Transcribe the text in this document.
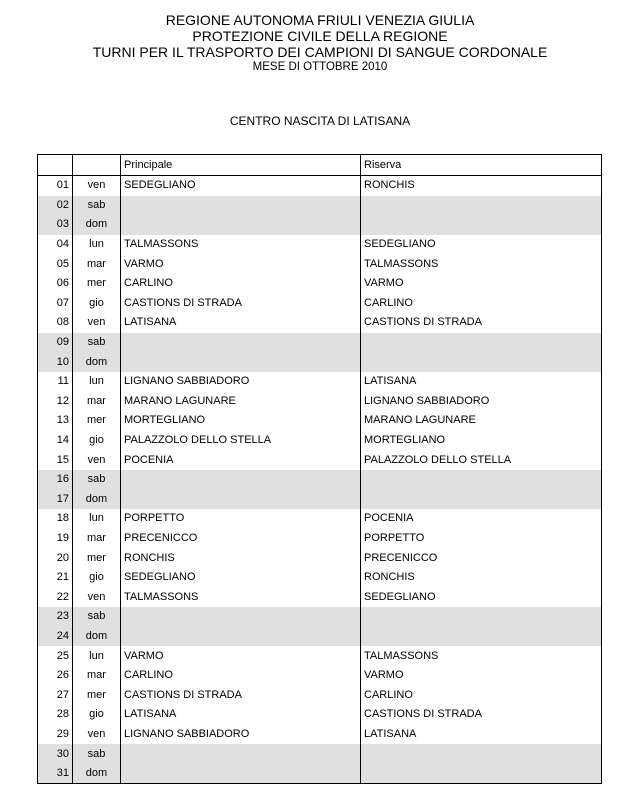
REGIONE AUTONOMA FRIULI VENEZIA GIULIA
PROTEZIONE CIVILE DELLA REGIONE
TURNI PER IL TRASPORTO DEI CAMPIONI DI SANGUE CORDONALE
MESE DI OTTOBRE 2010
CENTRO NASCITA DI LATISANA
		Principale	Riserva
01	ven	SEDEGLIANO	RONCHIS
02	sab		
03	dom		
04	lun	TALMASSONS	SEDEGLIANO
05	mar	VARMO	TALMASSONS
06	mer	CARLINO	VARMO
07	gio	CASTIONS DI STRADA	CARLINO
08	ven	LATISANA	CASTIONS DI STRADA
09	sab		
10	dom		
11	lun	LIGNANO SABBIADORO	LATISANA
12	mar	MARANO LAGUNARE	LIGNANO SABBIADORO
13	mer	MORTEGLIANO	MARANO LAGUNARE
14	gio	PALAZZOLO DELLO STELLA	MORTEGLIANO
15	ven	POCENIA	PALAZZOLO DELLO STELLA
16	sab		
17	dom		
18	lun	PORPETTO	POCENIA
19	mar	PRECENICCO	PORPETTO
20	mer	RONCHIS	PRECENICCO
21	gio	SEDEGLIANO	RONCHIS
22	ven	TALMASSONS	SEDEGLIANO
23	sab		
24	dom		
25	lun	VARMO	TALMASSONS
26	mar	CARLINO	VARMO
27	mer	CASTIONS DI STRADA	CARLINO
28	gio	LATISANA	CASTIONS DI STRADA
29	ven	LIGNANO SABBIADORO	LATISANA
30	sab		
31	dom		
